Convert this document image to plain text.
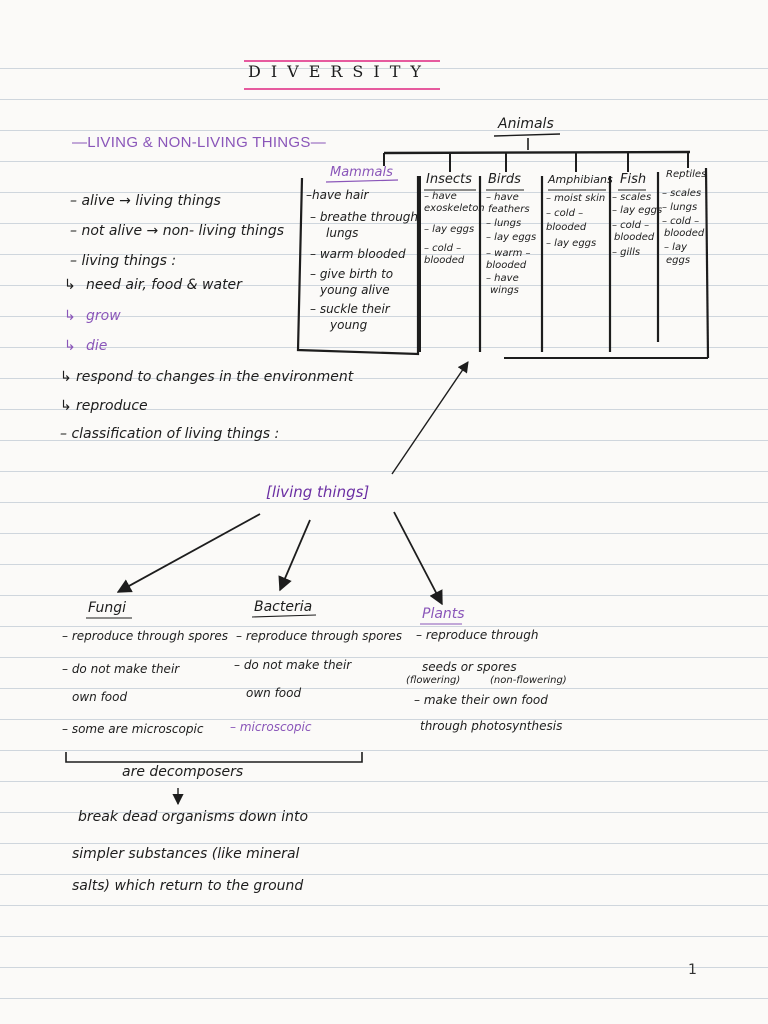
DIVERSITY
—LIVING & NON-LIVING THINGS—
– alive → living things
– not alive → non- living things
– living things :
↳ need air, food & water
↳ grow
↳ die
↳ respond to changes in the environment
↳ reproduce
– classification of living things :
Animals
Mammals
–have hair
– breathe through
lungs
– warm blooded
– give birth to
young alive
– suckle their
young
Insects
– have
exoskeleton
– lay eggs
– cold –
blooded
Birds
– have
feathers
– lungs
– lay eggs
– warm –
blooded
– have
wings
Amphibians
– moist skin
– cold –
blooded
– lay eggs
Fish
– scales
– lay eggs
– cold –
blooded
– gills
Reptiles
– scales
– lungs
– cold –
blooded
– lay
eggs
[living things]
Fungi
– reproduce through spores
– do not make their
own food
– some are microscopic
Bacteria
– reproduce through spores
– do not make their
own food
– microscopic
Plants
– reproduce through
seeds or spores
(flowering)	(non-flowering)
– make their own food
through photosynthesis
are decomposers
break dead organisms down into
simpler substances (like mineral
salts) which return to the ground
1
